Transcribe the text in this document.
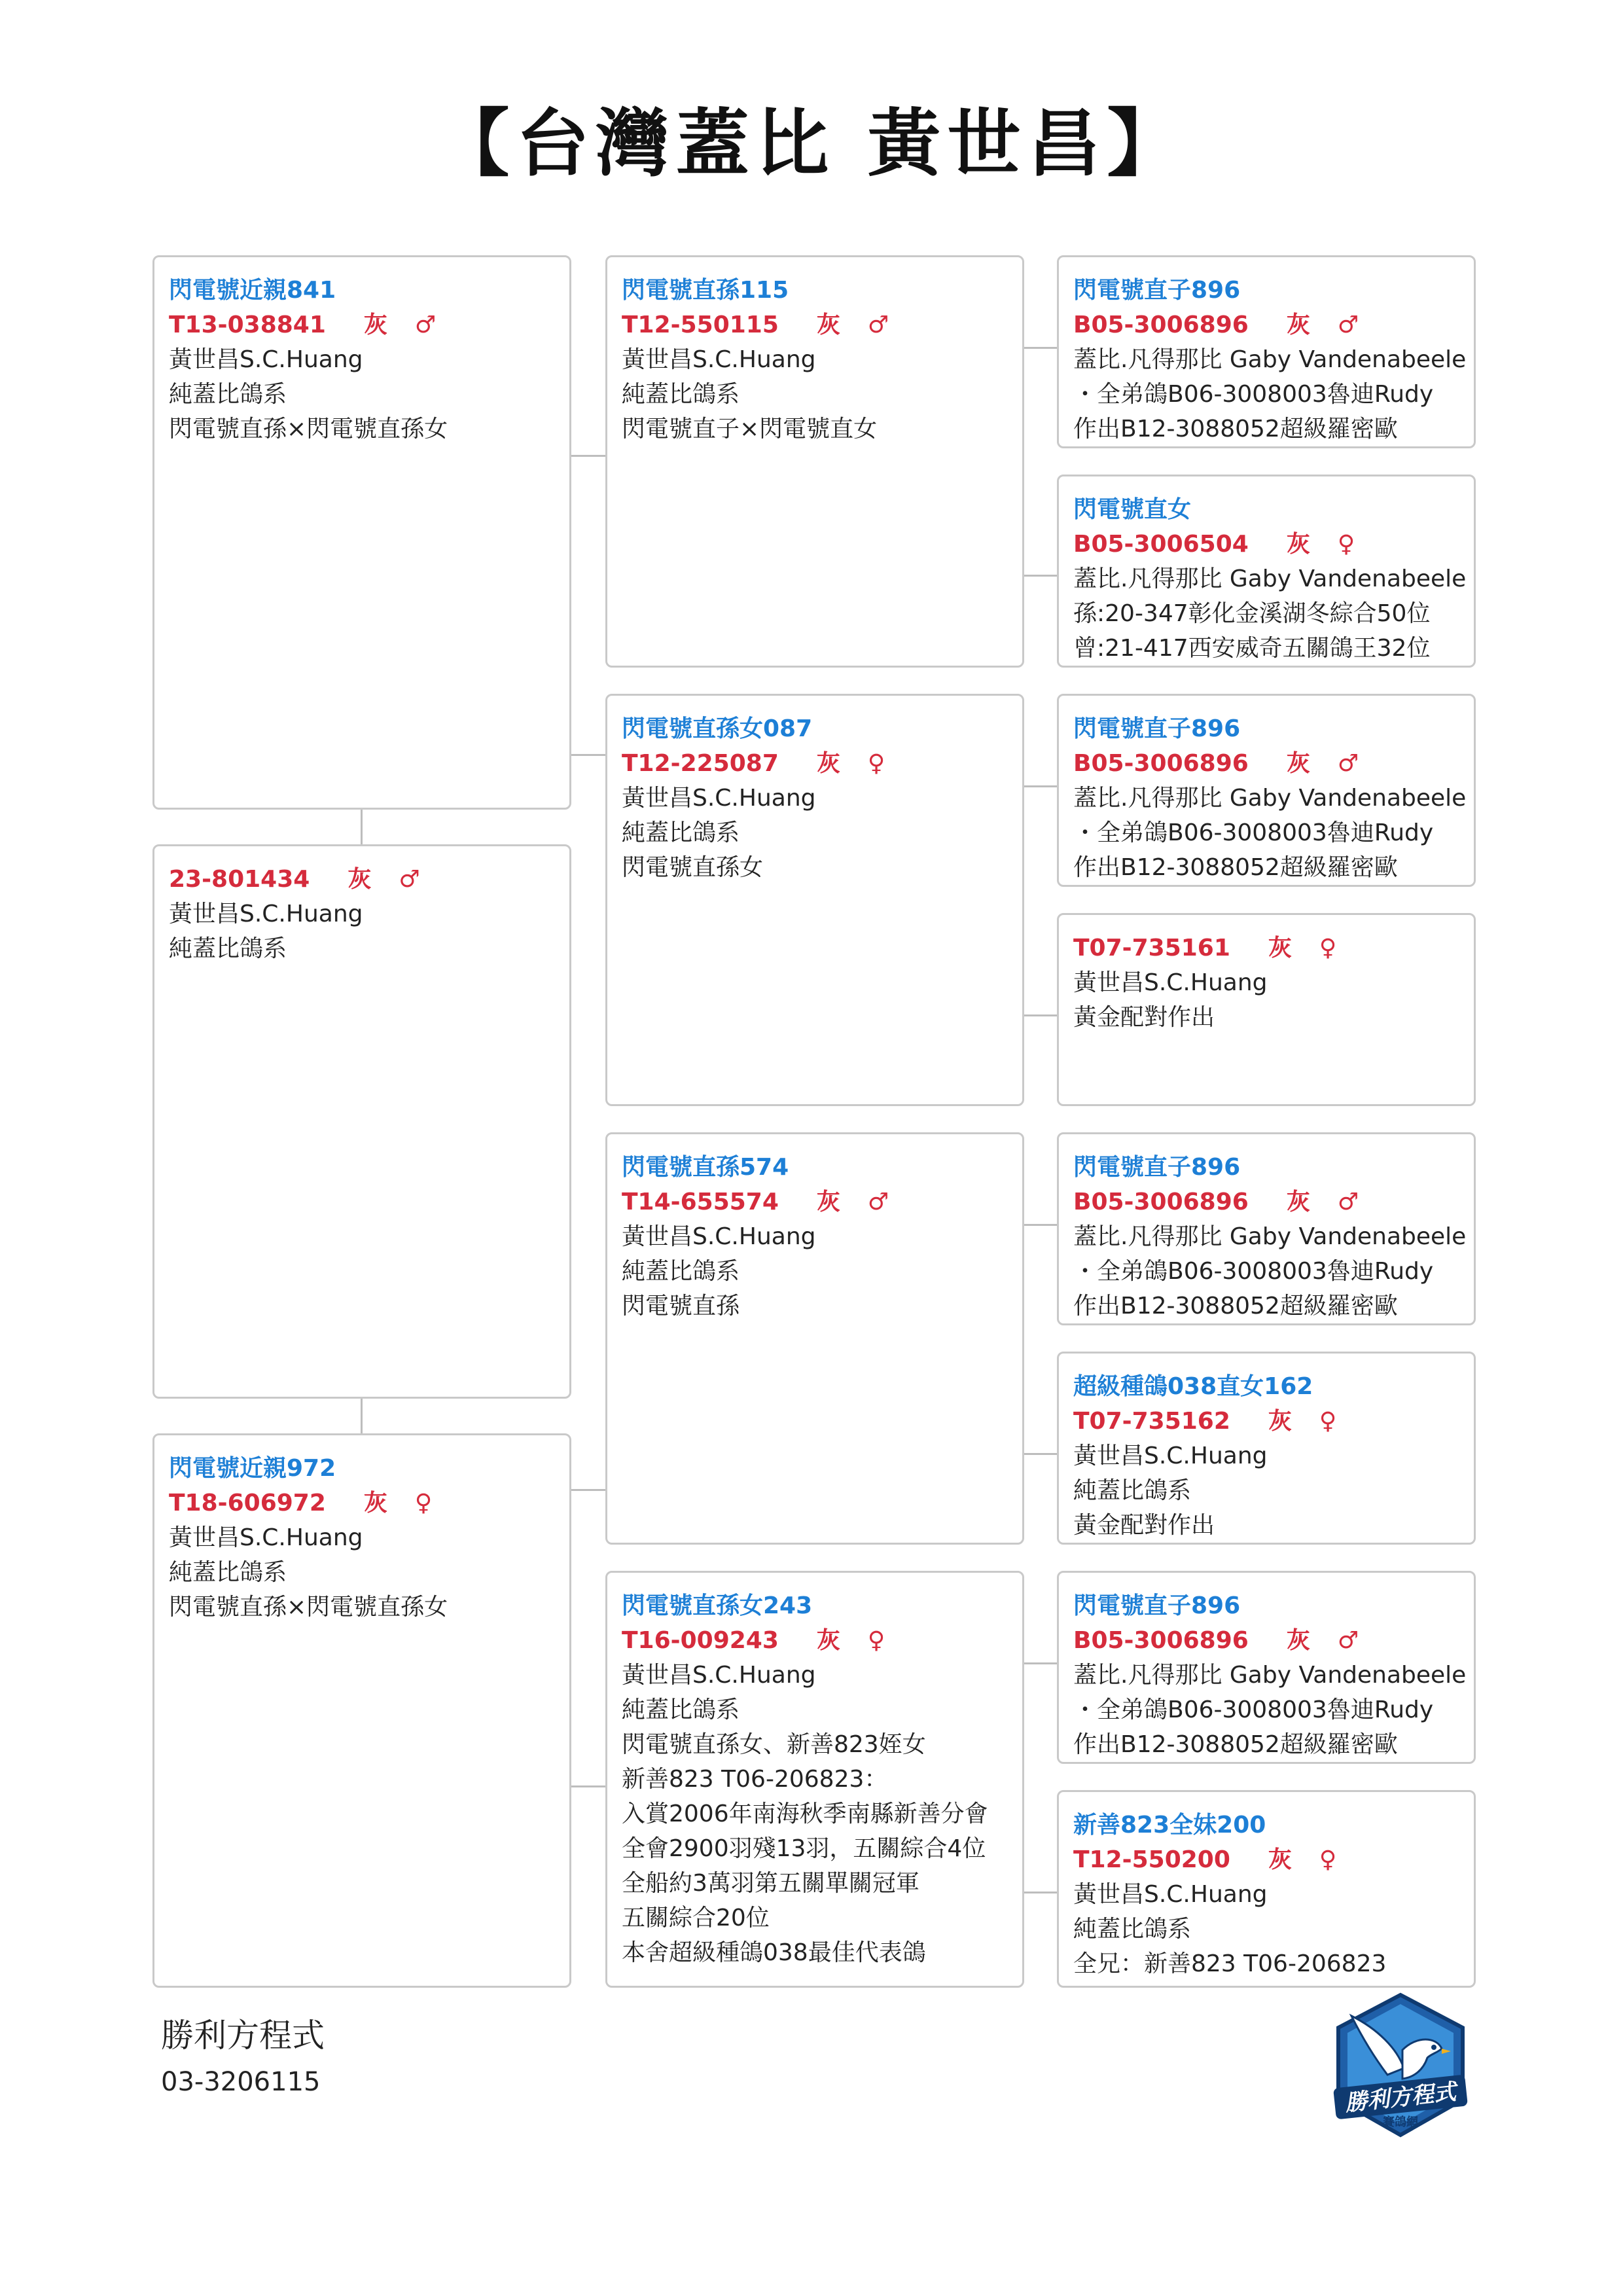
【台灣蓋比 黃世昌】
閃電號近親841
T13-038841 灰 ♂
黃世昌S.C.Huang
純蓋比鴿系
閃電號直孫×閃電號直孫女
23-801434 灰 ♂
黃世昌S.C.Huang
純蓋比鴿系
閃電號近親972
T18-606972 灰 ♀
黃世昌S.C.Huang
純蓋比鴿系
閃電號直孫×閃電號直孫女
閃電號直孫115
T12-550115 灰 ♂
黃世昌S.C.Huang
純蓋比鴿系
閃電號直子×閃電號直女
閃電號直孫女087
T12-225087 灰 ♀
黃世昌S.C.Huang
純蓋比鴿系
閃電號直孫女
閃電號直孫574
T14-655574 灰 ♂
黃世昌S.C.Huang
純蓋比鴿系
閃電號直孫
閃電號直孫女243
T16-009243 灰 ♀
黃世昌S.C.Huang
純蓋比鴿系
閃電號直孫女、新善823姪女
新善823 T06-206823：
入賞2006年南海秋季南縣新善分會
全會2900羽殘13羽，五關綜合4位
全船約3萬羽第五關單關冠軍
五關綜合20位
本舍超級種鴿038最佳代表鴿
閃電號直子896
B05-3006896 灰 ♂
蓋比.凡得那比 Gaby Vandenabeele
・全弟鴿B06-3008003魯迪Rudy
作出B12-3088052超級羅密歐
閃電號直女
B05-3006504 灰 ♀
蓋比.凡得那比 Gaby Vandenabeele
孫:20-347彰化金溪湖冬綜合50位
曾:21-417西安威奇五關鴿王32位
閃電號直子896
B05-3006896 灰 ♂
蓋比.凡得那比 Gaby Vandenabeele
・全弟鴿B06-3008003魯迪Rudy
作出B12-3088052超級羅密歐
T07-735161 灰 ♀
黃世昌S.C.Huang
黃金配對作出
閃電號直子896
B05-3006896 灰 ♂
蓋比.凡得那比 Gaby Vandenabeele
・全弟鴿B06-3008003魯迪Rudy
作出B12-3088052超級羅密歐
超級種鴿038直女162
T07-735162 灰 ♀
黃世昌S.C.Huang
純蓋比鴿系
黃金配對作出
閃電號直子896
B05-3006896 灰 ♂
蓋比.凡得那比 Gaby Vandenabeele
・全弟鴿B06-3008003魯迪Rudy
作出B12-3088052超級羅密歐
新善823全妹200
T12-550200 灰 ♀
黃世昌S.C.Huang
純蓋比鴿系
全兄：新善823 T06-206823
勝利方程式
03-3206115	勝利方程式
賽鴿網
